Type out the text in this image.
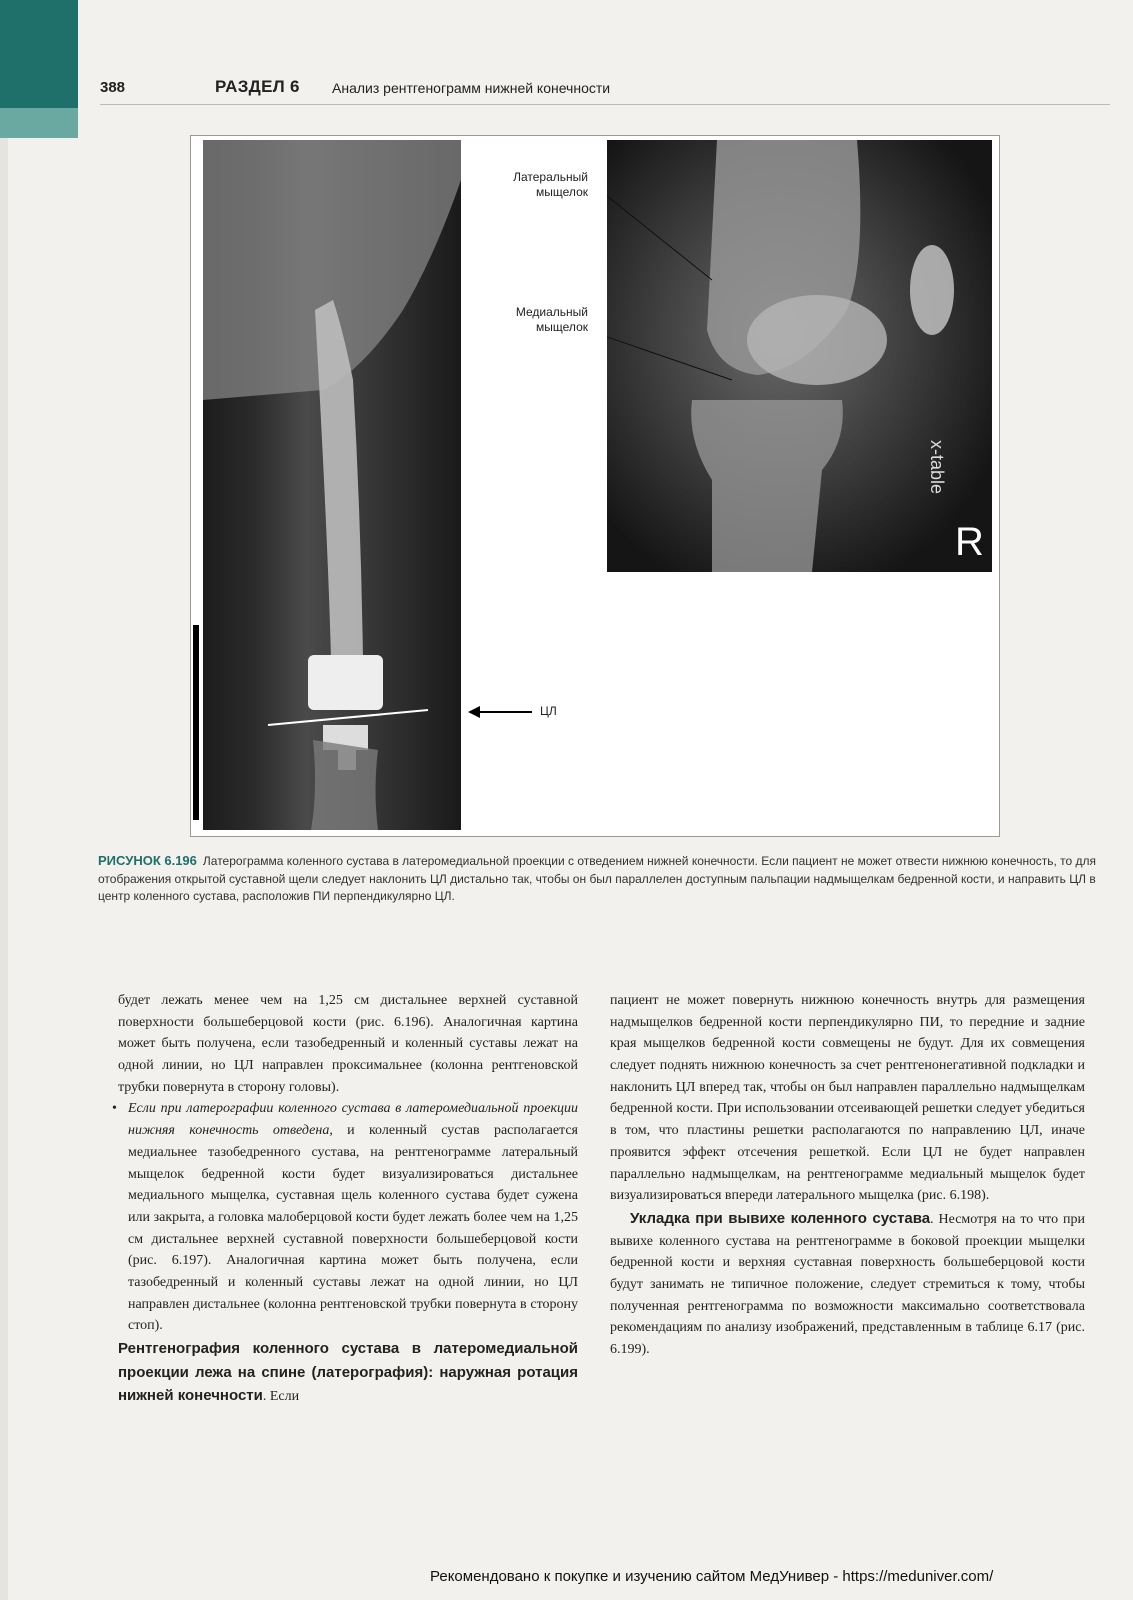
388	РАЗДЕЛ 6 Анализ рентгенограмм нижней конечности
x-table
R
Латеральный мыщелок
Медиальный мыщелок
ЦЛ
РИСУНОК 6.196 Латерограмма коленного сустава в латеромедиальной проекции с отведением нижней конечности. Если пациент не может отвести нижнюю конечность, то для отображения открытой суставной щели следует наклонить ЦЛ дистально так, чтобы он был параллелен доступным пальпации надмыщелкам бедренной кости, и направить ЦЛ в центр коленного сустава, расположив ПИ перпендикулярно ЦЛ.

будет лежать менее чем на 1,25 см дистальнее верхней суставной поверхности большеберцовой кости (рис. 6.196). Аналогичная картина может быть получена, если тазобедренный и коленный суставы лежат на одной линии, но ЦЛ направлен проксимальнее (колонна рентгеновской трубки повернута в сторону головы).

• Если при латерографии коленного сустава в латеромедиальной проекции нижняя конечность отведена, и коленный сустав располагается медиальнее тазобедренного сустава, на рентгенограмме латеральный мыщелок бедренной кости будет визуализироваться дистальнее медиального мыщелка, суставная щель коленного сустава будет сужена или закрыта, а головка малоберцовой кости будет лежать более чем на 1,25 см дистальнее верхней суставной поверхности большеберцовой кости (рис. 6.197). Аналогичная картина может быть получена, если тазобедренный и коленный суставы лежат на одной линии, но ЦЛ направлен дистальнее (колонна рентгеновской трубки повернута в сторону стоп).

Рентгенография коленного сустава в латеромедиальной проекции лежа на спине (латерография): наружная ротация нижней конечности. Если

пациент не может повернуть нижнюю конечность внутрь для размещения надмыщелков бедренной кости перпендикулярно ПИ, то передние и задние края мыщелков бедренной кости совмещены не будут. Для их совмещения следует поднять нижнюю конечность за счет рентгенонегативной подкладки и наклонить ЦЛ вперед так, чтобы он был направлен параллельно надмыщелкам бедренной кости. При использовании отсеивающей решетки следует убедиться в том, что пластины решетки располагаются по направлению ЦЛ, иначе проявится эффект отсечения решеткой. Если ЦЛ не будет направлен параллельно надмыщелкам, на рентгенограмме медиальный мыщелок будет визуализироваться впереди латерального мыщелка (рис. 6.198).

Укладка при вывихе коленного сустава. Несмотря на то что при вывихе коленного сустава на рентгенограмме в боковой проекции мыщелки бедренной кости и верхняя суставная поверхность большеберцовой кости будут занимать не типичное положение, следует стремиться к тому, чтобы полученная рентгенограмма по возможности максимально соответствовала рекомендациям по анализу изображений, представленным в таблице 6.17 (рис. 6.199).

Рекомендовано к покупке и изучению сайтом МедУнивер - https://meduniver.com/
